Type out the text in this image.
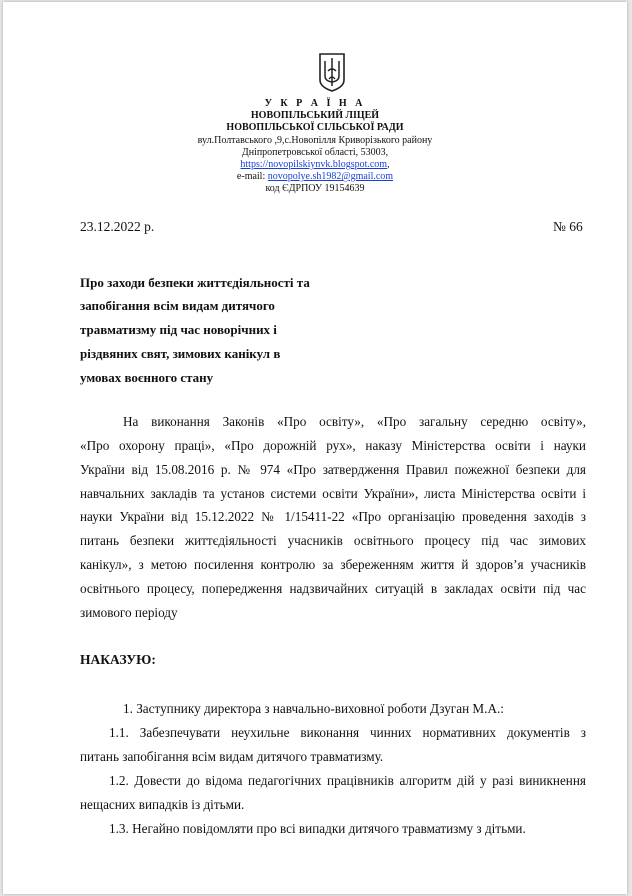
У К Р А Ї Н А
НОВОПІЛЬСЬКИЙ ЛІЦЕЙ
НОВОПІЛЬСЬКОЇ СІЛЬСЬКОЇ РАДИ
вул.Полтавського ,9,с.Новопілля Криворізького району
Дніпропетровської області, 53003,
https://novopilskiynvk.blogspot.com,
e-mail: novopolye.sh1982@gmail.com
код ЄДРПОУ 19154639
23.12.2022 р.	№ 66
Про заходи безпеки життєдіяльності та
запобігання всім видам дитячого
травматизму під час новорічних і
різдвяних свят, зимових канікул в
умовах воєнного стану
На виконання Законів «Про освіту», «Про загальну середню освіту»,
«Про охорону праці», «Про дорожній рух», наказу Міністерства освіти і науки
України від 15.08.2016 р. № 974 «Про затвердження Правил пожежної безпеки для
навчальних закладів та установ системи освіти України», листа Міністерства освіти і
науки України від 15.12.2022 № 1/15411-22 «Про організацію проведення заходів з
питань безпеки життєдіяльності учасників освітнього процесу під час зимових
канікул», з метою посилення контролю за збереженням життя й здоров’я учасників
освітнього процесу, попередження надзвичайних ситуацій в закладах освіти під час
зимового періоду
НАКАЗУЮ:
1. Заступнику директора з навчально-виховної роботи Дзуган М.А.:
1.1. Забезпечувати неухильне виконання чинних нормативних документів з
питань запобігання всім видам дитячого травматизму.
1.2. Довести до відома педагогічних працівників алгоритм дій у разі виникнення
нещасних випадків із дітьми.
1.3. Негайно повідомляти про всі випадки дитячого травматизму з дітьми.
